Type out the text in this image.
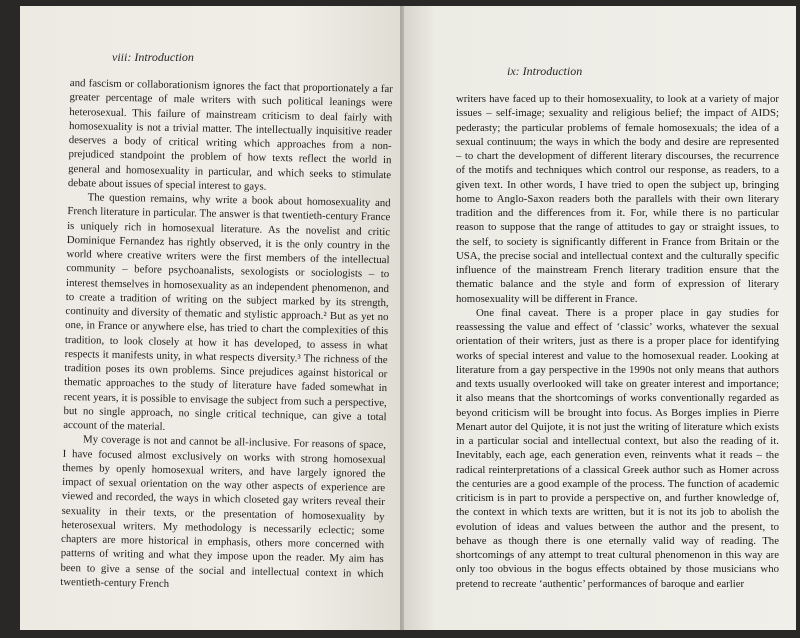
viii: Introduction

and fascism or collaborationism ignores the fact that proportionately a far greater percentage of male writers with such political leanings were heterosexual. This failure of mainstream criticism to deal fairly with homosexuality is not a trivial matter. The intellectually inquisitive reader deserves a body of critical writing which approaches from a non-prejudiced standpoint the problem of how texts reflect the world in general and homosexuality in particular, and which seeks to stimulate debate about issues of special interest to gays.

The question remains, why write a book about homosexuality and French literature in particular. The answer is that twentieth-century France is uniquely rich in homosexual literature. As the novelist and critic Dominique Fernandez has rightly observed, it is the only country in the world where creative writers were the first members of the intellectual community – before psychoanalists, sexologists or sociologists – to interest themselves in homosexuality as an independent phenomenon, and to create a tradition of writing on the subject marked by its strength, continuity and diversity of thematic and stylistic approach.² But as yet no one, in France or anywhere else, has tried to chart the complexities of this tradition, to look closely at how it has developed, to assess in what respects it manifests unity, in what respects diversity.³ The richness of the tradition poses its own problems. Since prejudices against historical or thematic approaches to the study of literature have faded somewhat in recent years, it is possible to envisage the subject from such a perspective, but no single approach, no single critical technique, can give a total account of the material.

My coverage is not and cannot be all-inclusive. For reasons of space, I have focused almost exclusively on works with strong homosexual themes by openly homosexual writers, and have largely ignored the impact of sexual orientation on the way other aspects of experience are viewed and recorded, the ways in which closeted gay writers reveal their sexuality in their texts, or the presentation of homosexuality by heterosexual writers. My methodology is necessarily eclectic; some chapters are more historical in emphasis, others more concerned with patterns of writing and what they impose upon the reader. My aim has been to give a sense of the social and intellectual context in which twentieth-century French

ix: Introduction

writers have faced up to their homosexuality, to look at a variety of major issues – self-image; sexuality and religious belief; the impact of AIDS; pederasty; the particular problems of female homosexuals; the idea of a sexual continuum; the ways in which the body and desire are represented – to chart the development of different literary discourses, the recurrence of the motifs and techniques which control our response, as readers, to a given text. In other words, I have tried to open the subject up, bringing home to Anglo-Saxon readers both the parallels with their own literary tradition and the differences from it. For, while there is no particular reason to suppose that the range of attitudes to gay or straight issues, to the self, to society is significantly different in France from Britain or the USA, the precise social and intellectual context and the culturally specific influence of the mainstream French literary tradition ensure that the thematic balance and the style and form of expression of literary homosexuality will be different in France.

One final caveat. There is a proper place in gay studies for reassessing the value and effect of ‘classic’ works, whatever the sexual orientation of their writers, just as there is a proper place for identifying works of special interest and value to the homosexual reader. Looking at literature from a gay perspective in the 1990s not only means that authors and texts usually overlooked will take on greater interest and importance; it also means that the shortcomings of works conventionally regarded as beyond criticism will be brought into focus. As Borges implies in Pierre Menart autor del Quijote, it is not just the writing of literature which exists in a particular social and intellectual context, but also the reading of it. Inevitably, each age, each generation even, reinvents what it reads – the radical reinterpretations of a classical Greek author such as Homer across the centuries are a good example of the process. The function of academic criticism is in part to provide a perspective on, and further knowledge of, the context in which texts are written, but it is not its job to abolish the evolution of ideas and values between the author and the present, to behave as though there is one eternally valid way of reading. The shortcomings of any attempt to treat cultural phenomenon in this way are only too obvious in the bogus effects obtained by those musicians who pretend to recreate ‘authentic’ performances of baroque and earlier
